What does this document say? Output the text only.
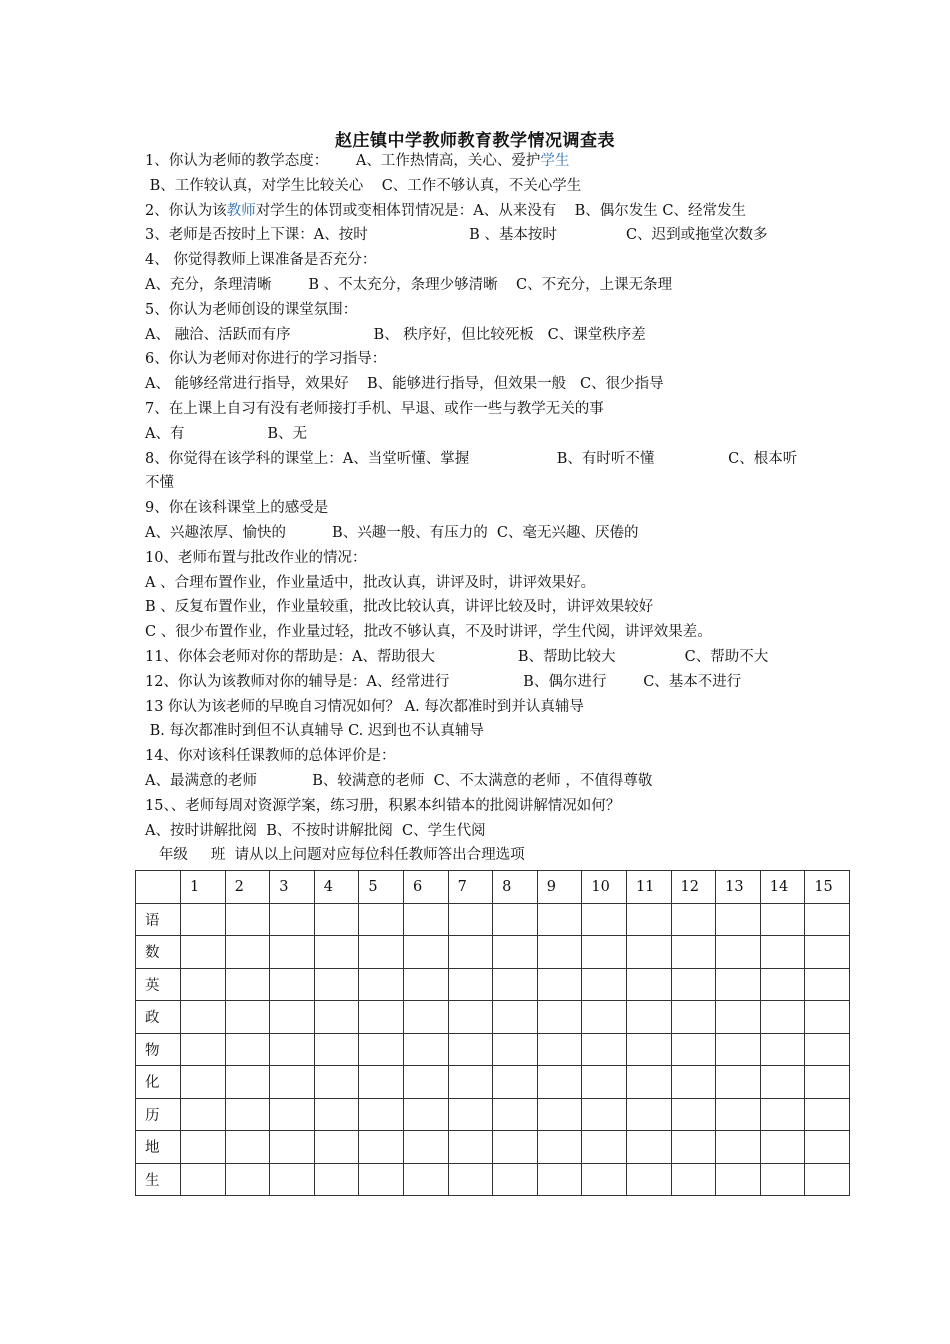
赵庄镇中学教师教育教学情况调查表
1、你认为老师的教学态度：      A、工作热情高，关心、爱护学生
B、工作较认真，对学生比较关心    C、工作不够认真，不关心学生
2、你认为该教师对学生的体罚或变相体罚情况是：A、从来没有    B、偶尔发生 C、经常发生
3、老师是否按时上下课：A、按时                      B 、基本按时               C、迟到或拖堂次数多
4、 你觉得教师上课准备是否充分：
A、充分，条理清晰        B 、不太充分，条理少够清晰    C、不充分，上课无条理
5、你认为老师创设的课堂氛围：
A、 融洽、活跃而有序                  B、 秩序好，但比较死板   C、课堂秩序差
6、你认为老师对你进行的学习指导：
A、 能够经常进行指导，效果好    B、能够进行指导，但效果一般   C、很少指导
7、在上课上自习有没有老师接打手机、早退、或作一些与教学无关的事
A、有                  B、无
8、你觉得在该学科的课堂上：A、当堂听懂、掌握                   B、有时听不懂                C、根本听
不懂
9、你在该科课堂上的感受是
A、兴趣浓厚、愉快的          B、兴趣一般、有压力的  C、毫无兴趣、厌倦的
10、老师布置与批改作业的情况：
A 、合理布置作业，作业量适中，批改认真，讲评及时，讲评效果好。
B 、反复布置作业，作业量较重，批改比较认真，讲评比较及时，讲评效果较好
C 、很少布置作业，作业量过轻，批改不够认真，不及时讲评，学生代阅，讲评效果差。
11、你体会老师对你的帮助是：A、帮助很大                  B、帮助比较大               C、帮助不大
12、你认为该教师对你的辅导是：A、经常进行                B、偶尔进行        C、基本不进行
13 你认为该老师的早晚自习情况如何？ A. 每次都准时到并认真辅导
B. 每次都准时到但不认真辅导 C. 迟到也不认真辅导
14、你对该科任课教师的总体评价是：
A、最满意的老师            B、较满意的老师  C、不太满意的老师 ，不值得尊敬
15、、老师每周对资源学案，练习册，积累本纠错本的批阅讲解情况如何？
A、按时讲解批阅  B、不按时讲解批阅  C、学生代阅
年级     班  请从以上问题对应每位科任教师答出合理选项
	1	2	3	4	5	6	7	8	9	10	11	12	13	14	15
语															
数															
英															
政															
物															
化															
历															
地															
生															
